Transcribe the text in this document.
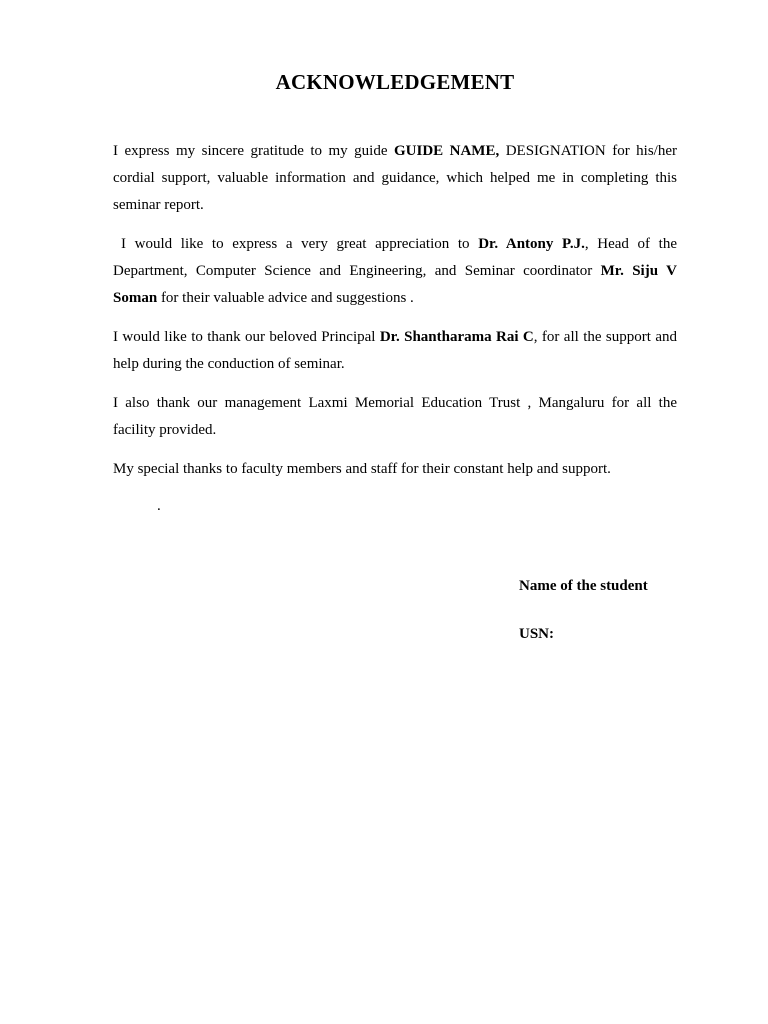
ACKNOWLEDGEMENT

I express my sincere gratitude to my guide GUIDE NAME, DESIGNATION for his/her cordial support, valuable information and guidance, which helped me in completing this seminar report.

I would like to express a very great appreciation to Dr. Antony P.J., Head of the Department, Computer Science and Engineering, and Seminar coordinator Mr. Siju V Soman for their valuable advice and suggestions .

I would like to thank our beloved Principal Dr. Shantharama Rai C, for all the support and help during the conduction of seminar.

I also thank our management Laxmi Memorial Education Trust , Mangaluru for all the facility provided.

My special thanks to faculty members and staff for their constant help and support.

.
Name of the student
USN:
